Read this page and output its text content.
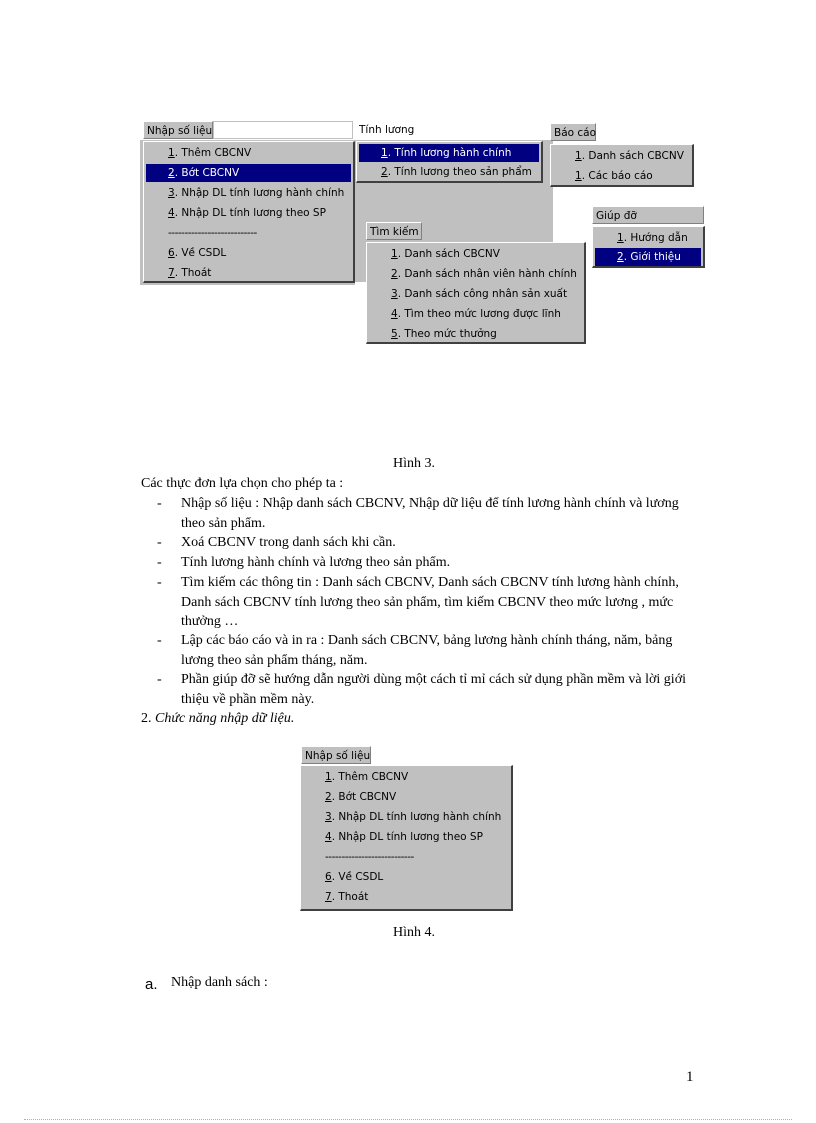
Nhập số liệu
1. Thêm CBCNV
2. Bớt CBCNV
3. Nhập DL tính lương hành chính
4. Nhập DL tính lương theo SP
---------------------------
6. Về CSDL
7. Thoát
Tính lương
1. Tính lương hành chính
2. Tính lương theo sản phẩm
Báo cáo
1. Danh sách CBCNV
1. Các báo cáo
Tìm kiếm
1. Danh sách CBCNV
2. Danh sách nhân viên hành chính
3. Danh sách công nhân sản xuất
4. Tìm theo mức lương được lĩnh
5. Theo mức thưởng
Giúp đỡ
1. Hướng dẫn
2. Giới thiệu
Hình 3.
Các thực đơn lựa chọn cho phép ta :
- Nhập số liệu : Nhập danh sách CBCNV, Nhập dữ liệu để tính lương hành chính và lương theo sản phẩm.
- Xoá CBCNV trong danh sách khi cần.
- Tính lương hành chính và lương theo sản phẩm.
- Tìm kiếm các thông tin : Danh sách CBCNV, Danh sách CBCNV tính lương hành chính, Danh sách CBCNV tính lương theo sản phẩm, tìm kiếm CBCNV theo mức lương , mức thưởng …
- Lập các báo cáo và in ra : Danh sách CBCNV, bảng lương hành chính tháng, năm, bảng lương theo sản phẩm tháng, năm.
- Phần giúp đỡ sẽ hướng dẫn người dùng một cách tỉ mỉ cách sử dụng phần mềm và lời giới thiệu về phần mềm này.
2. Chức năng nhập dữ liệu.
Nhập số liệu
1. Thêm CBCNV
2. Bớt CBCNV
3. Nhập DL tính lương hành chính
4. Nhập DL tính lương theo SP
---------------------------
6. Về CSDL
7. Thoát
Hình 4.
a. Nhập danh sách :
1
